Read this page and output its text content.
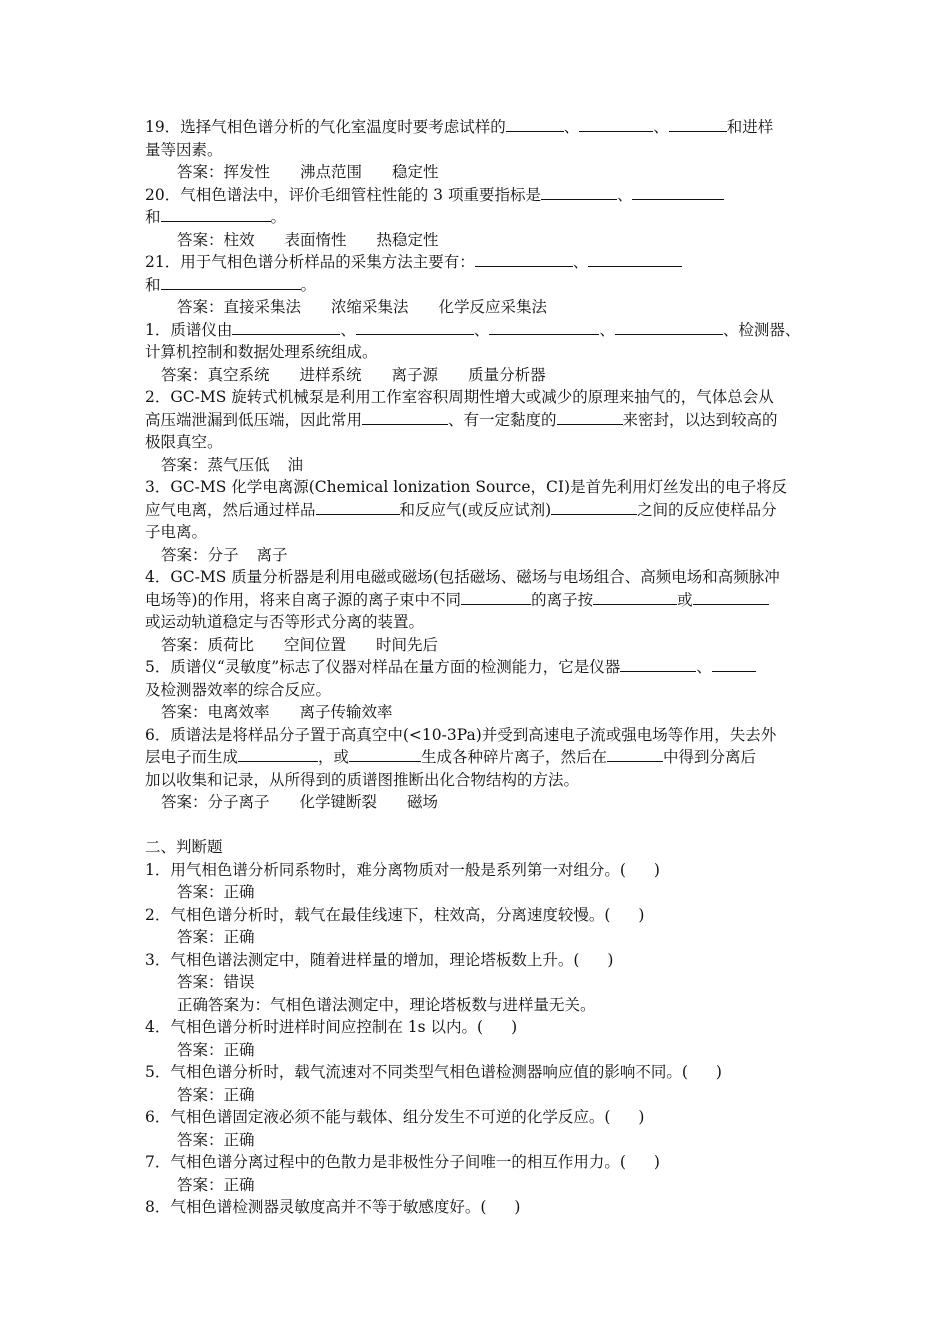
19．选择气相色谱分析的气化室温度时要考虑试样的	、	、	和进样
量等因素。
答案：挥发性 沸点范围 稳定性
20．气相色谱法中，评价毛细管柱性能的 3 项重要指标是	、
和	。
答案：柱效 表面惰性 热稳定性
21．用于气相色谱分析样品的采集方法主要有：	、
和	。
答案：直接采集法 浓缩采集法 化学反应采集法
1．质谱仪由	、	、	、	、检测器、
计算机控制和数据处理系统组成。
答案：真空系统 进样系统 离子源 质量分析器
2．GC-MS 旋转式机械泵是利用工作室容积周期性增大或减少的原理来抽气的，气体总会从
高压端泄漏到低压端，因此常用	、有一定黏度的	来密封，以达到较高的
极限真空。
答案：蒸气压低 油
3．GC-MS 化学电离源(Chemical lonization Source，CI)是首先利用灯丝发出的电子将反
应气电离，然后通过样品	和反应气(或反应试剂)	之间的反应使样品分
子电离。
答案：分子 离子
4．GC-MS 质量分析器是利用电磁或磁场(包括磁场、磁场与电场组合、高频电场和高频脉冲
电场等)的作用，将来自离子源的离子束中不同	的离子按	或
或运动轨道稳定与否等形式分离的装置。
答案：质荷比 空间位置 时间先后
5．质谱仪“灵敏度”标志了仪器对样品在量方面的检测能力，它是仪器	、
及检测器效率的综合反应。
答案：电离效率 离子传输效率
6．质谱法是将样品分子置于高真空中(<10-3Pa)并受到高速电子流或强电场等作用，失去外
层电子而生成	，或	生成各种碎片离子，然后在	中得到分离后
加以收集和记录，从所得到的质谱图推断出化合物结构的方法。
答案：分子离子 化学键断裂 磁场
二、判断题
1．用气相色谱分析同系物时，难分离物质对一般是系列第一对组分。( )
答案：正确
2．气相色谱分析时，载气在最佳线速下，柱效高，分离速度较慢。( )
答案：正确
3．气相色谱法测定中，随着进样量的增加，理论塔板数上升。( )
答案：错误
正确答案为：气相色谱法测定中，理论塔板数与进样量无关。
4．气相色谱分析时进样时间应控制在 1s 以内。( )
答案：正确
5．气相色谱分析时，载气流速对不同类型气相色谱检测器响应值的影响不同。( )
答案：正确
6．气相色谱固定液必须不能与载体、组分发生不可逆的化学反应。( )
答案：正确
7．气相色谱分离过程中的色散力是非极性分子间唯一的相互作用力。( )
答案：正确
8．气相色谱检测器灵敏度高并不等于敏感度好。( )
